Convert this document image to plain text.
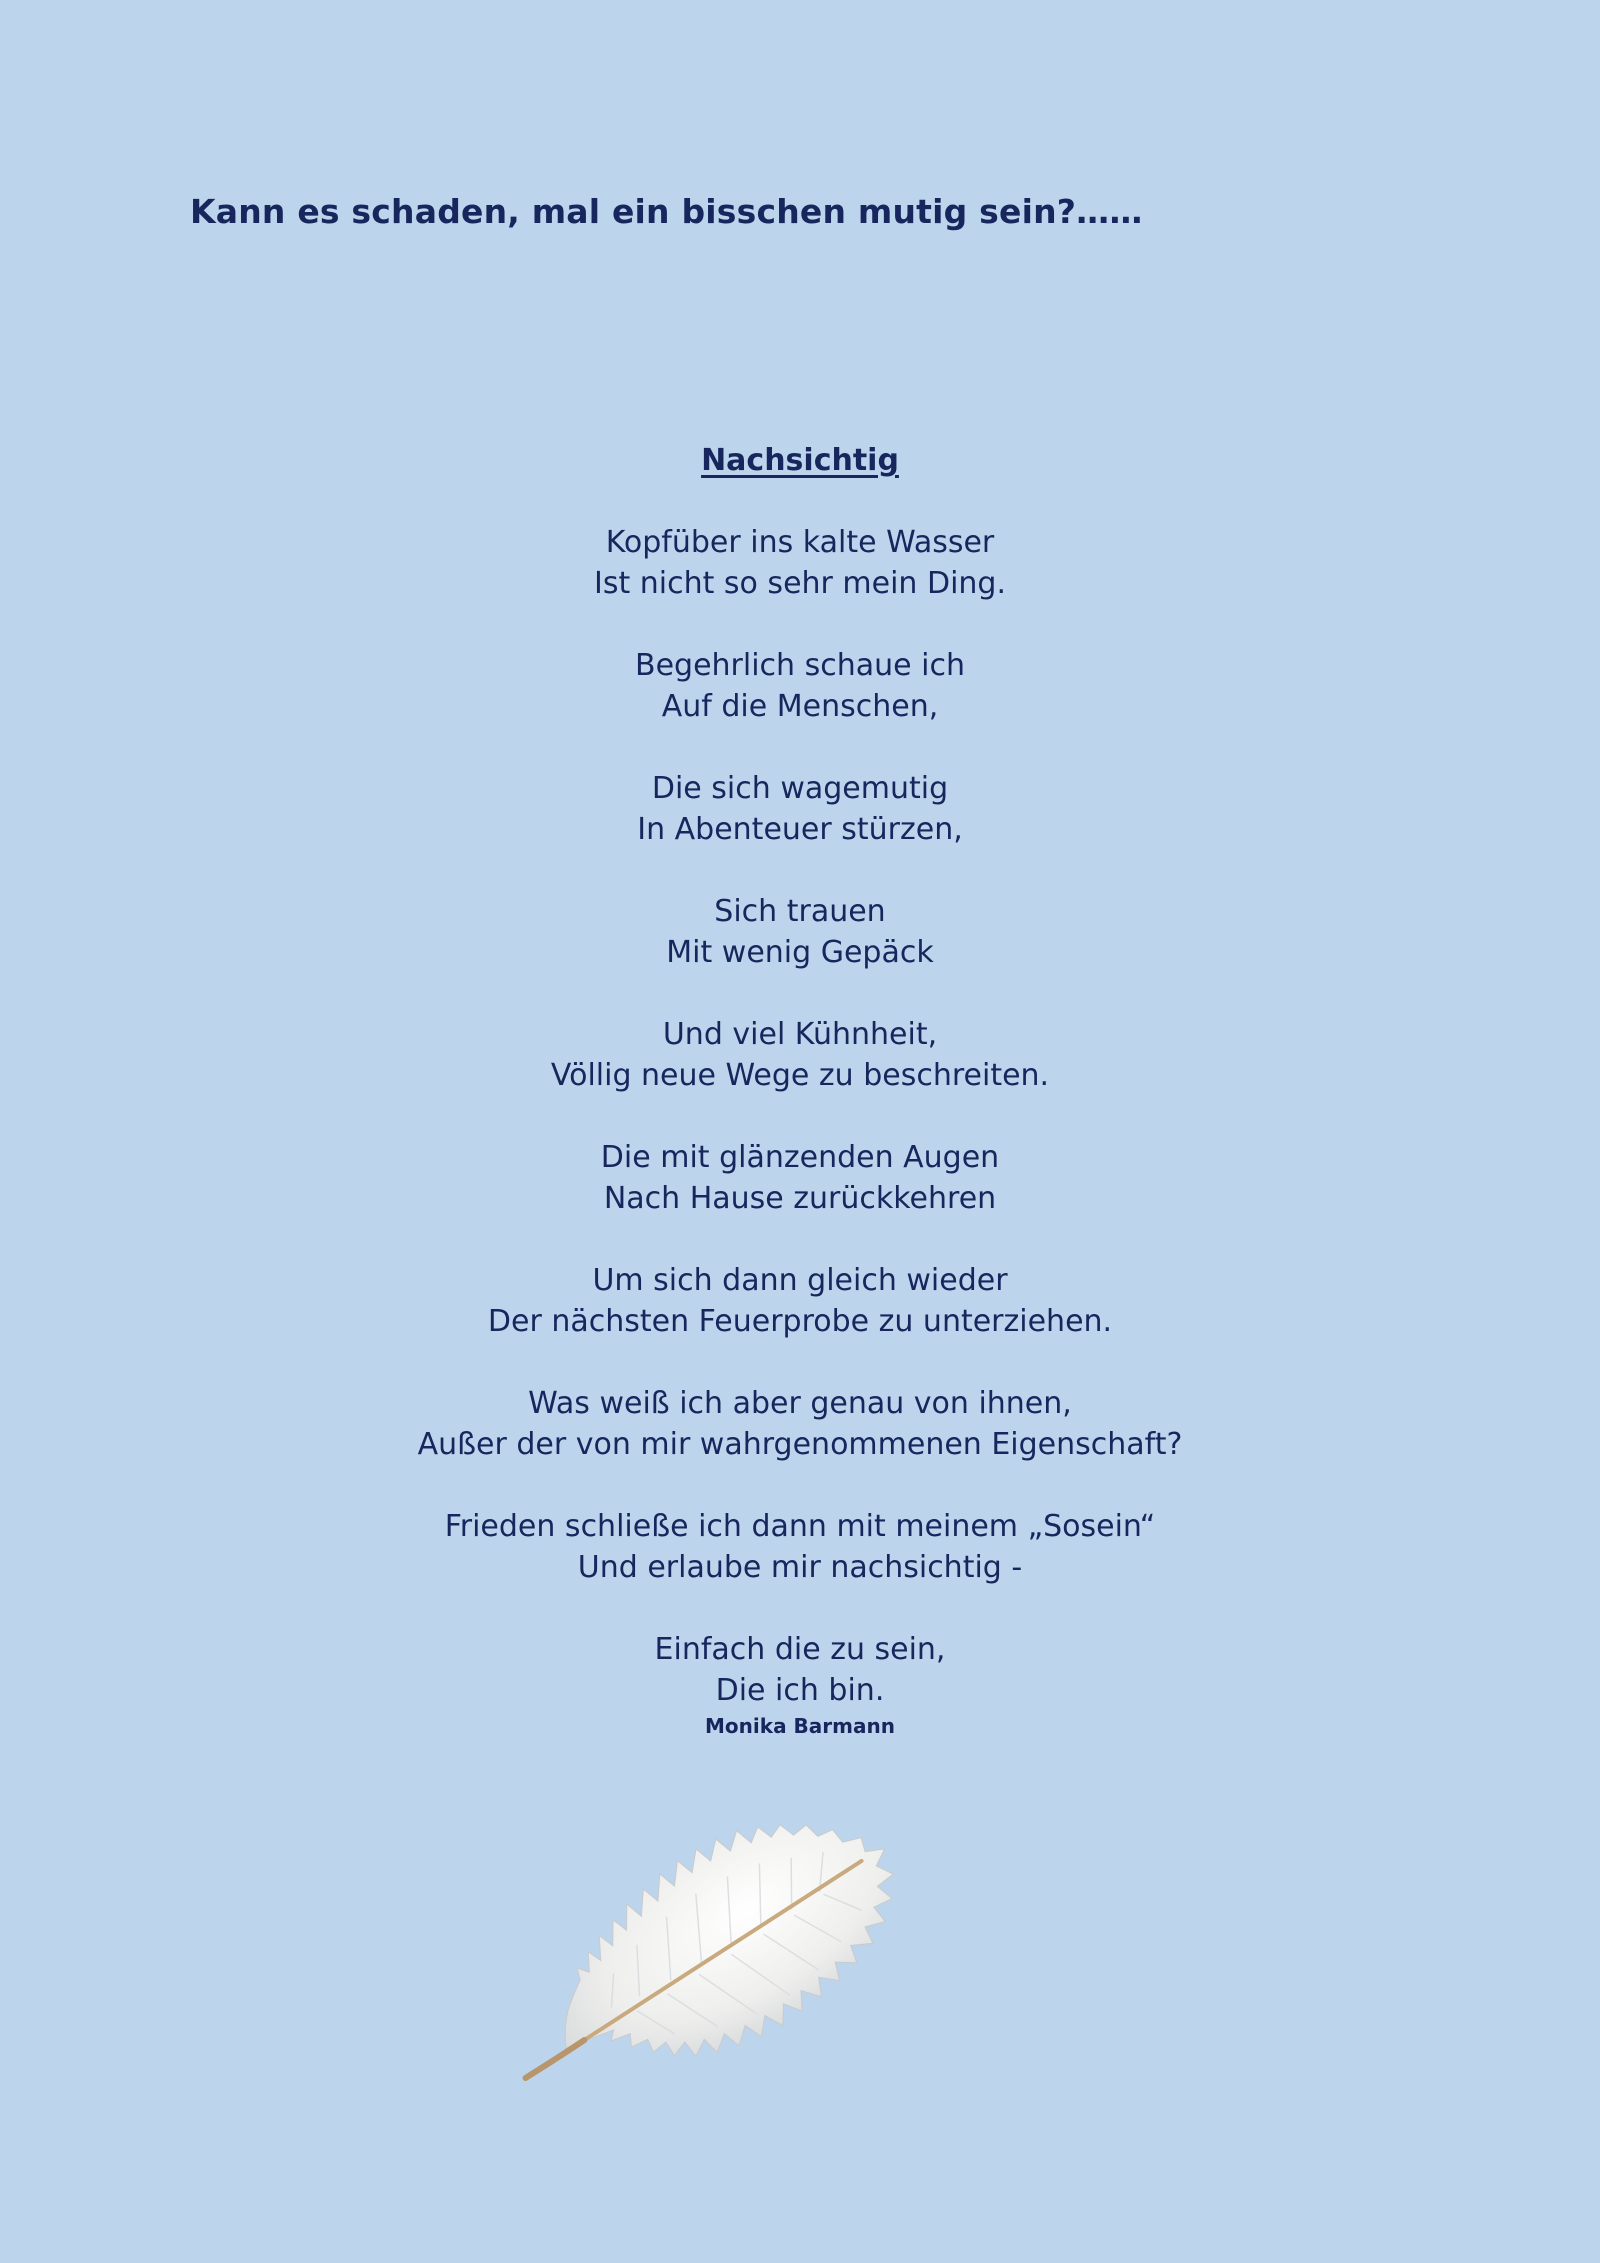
Kann es schaden, mal ein bisschen mutig sein?……
Nachsichtig
Kopfüber ins kalte Wasser
Ist nicht so sehr mein Ding.
Begehrlich schaue ich
Auf die Menschen,
Die sich wagemutig
In Abenteuer stürzen,
Sich trauen
Mit wenig Gepäck
Und viel Kühnheit,
Völlig neue Wege zu beschreiten.
Die mit glänzenden Augen
Nach Hause zurückkehren
Um sich dann gleich wieder
Der nächsten Feuerprobe zu unterziehen.
Was weiß ich aber genau von ihnen,
Außer der von mir wahrgenommenen Eigenschaft?
Frieden schließe ich dann mit meinem „Sosein“
Und erlaube mir nachsichtig -
Einfach die zu sein,
Die ich bin.
Monika Barmann
